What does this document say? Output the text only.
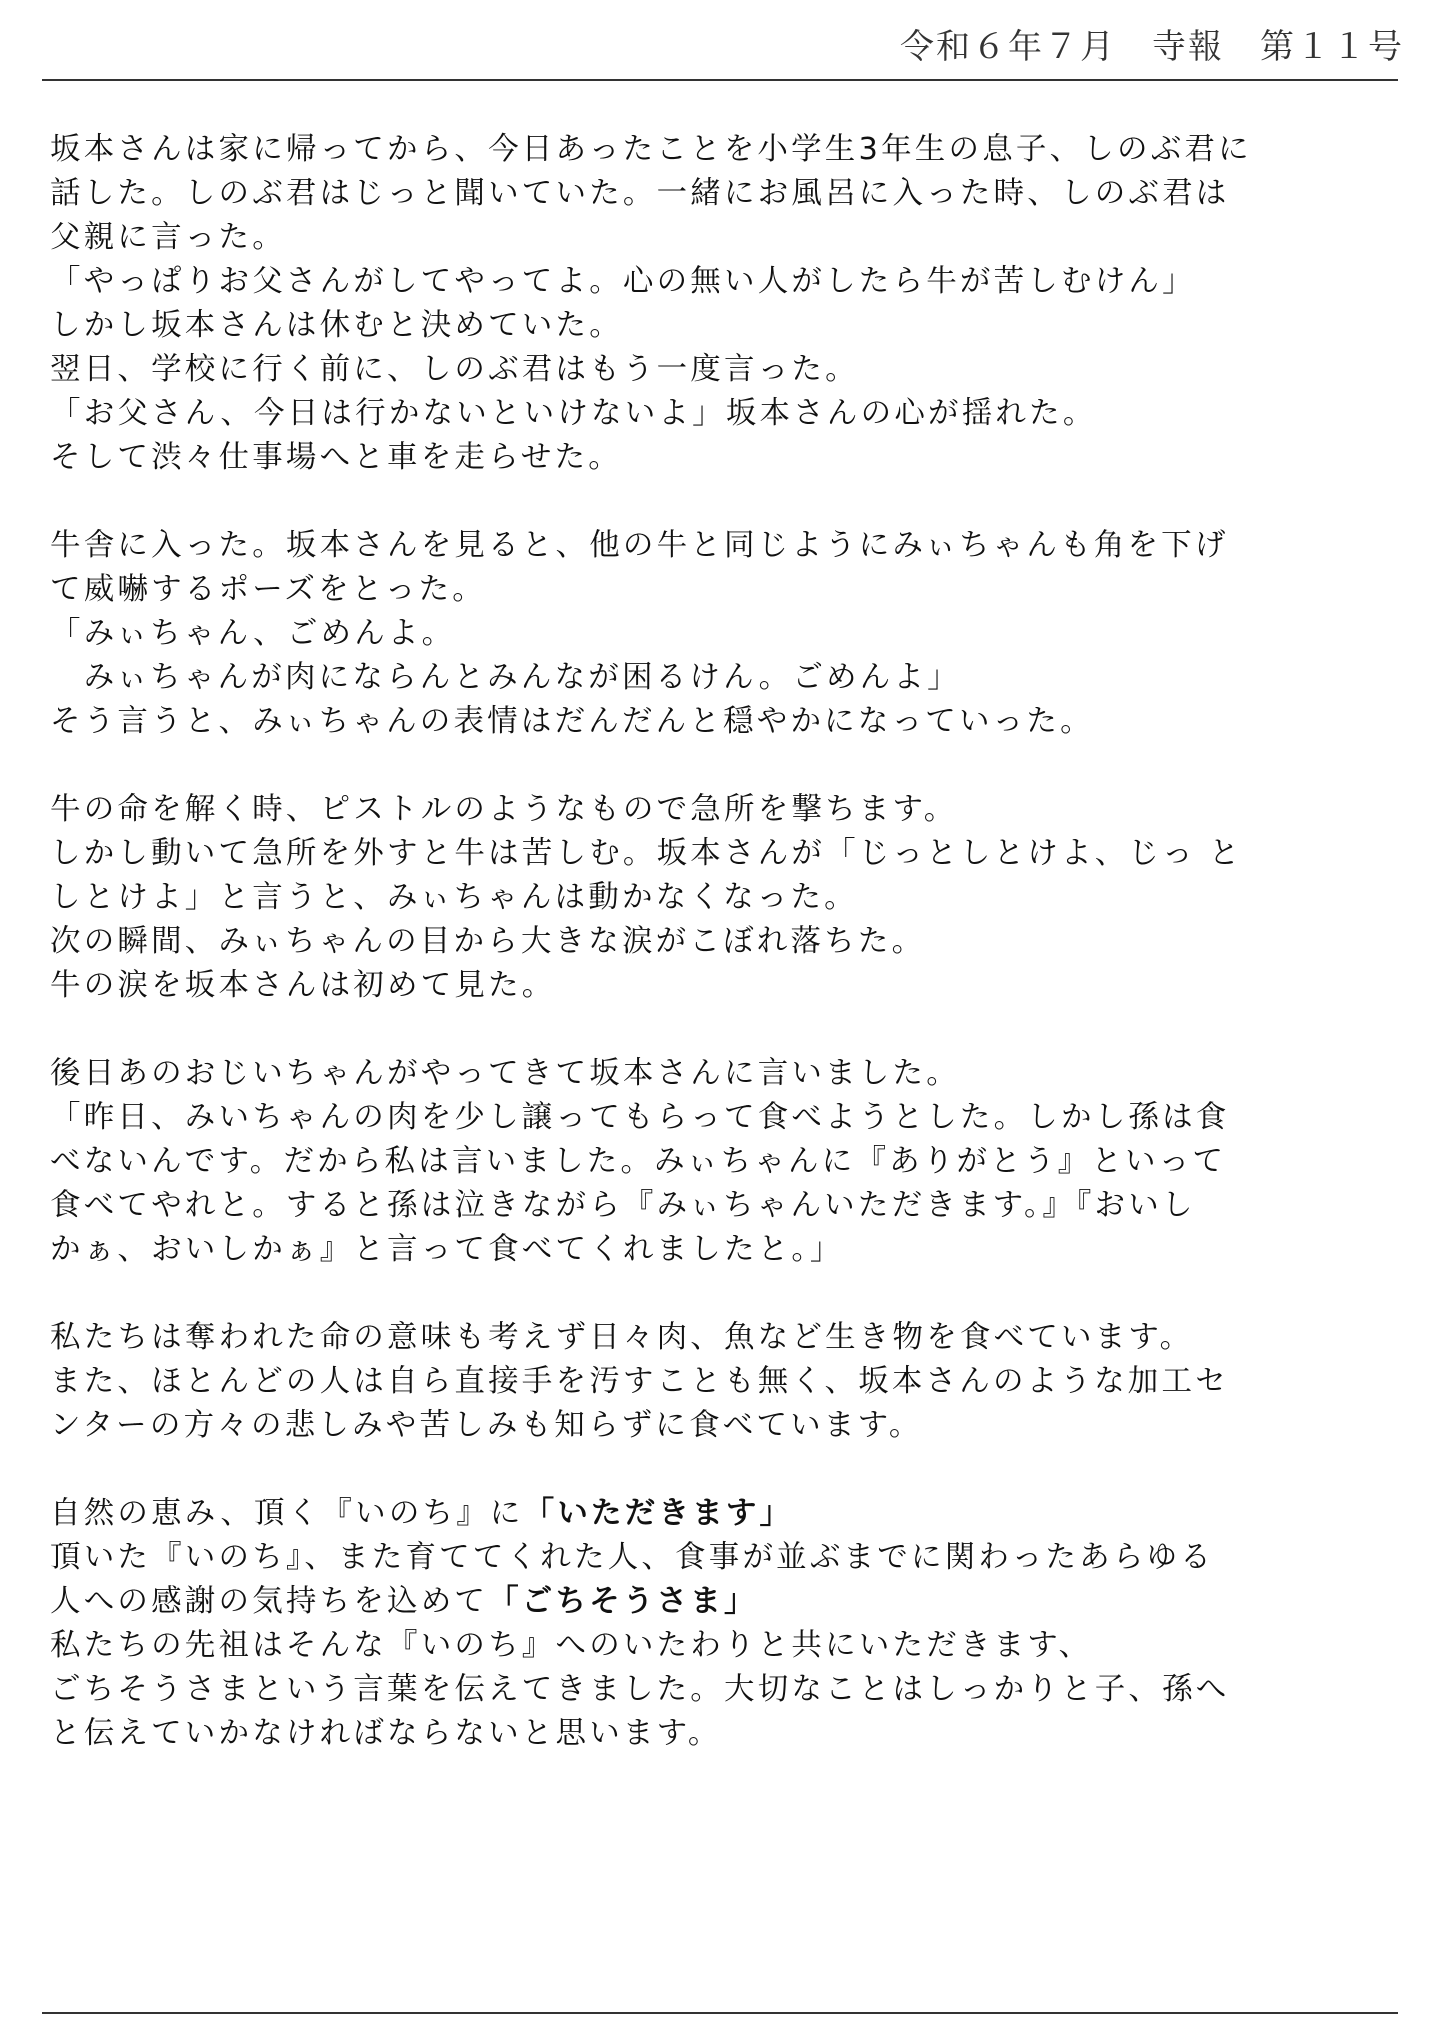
令和６年７月　寺報　第１１号
坂本さんは家に帰ってから、今日あったことを小学生3年生の息子、しのぶ君に
話した。しのぶ君はじっと聞いていた。一緒にお風呂に入った時、しのぶ君は
父親に言った。
「やっぱりお父さんがしてやってよ。心の無い人がしたら牛が苦しむけん」
しかし坂本さんは休むと決めていた。
翌日、学校に行く前に、しのぶ君はもう一度言った。
「お父さん、今日は行かないといけないよ」坂本さんの心が揺れた。
そして渋々仕事場へと車を走らせた。
牛舎に入った。坂本さんを見ると、他の牛と同じようにみぃちゃんも角を下げ
て威嚇するポーズをとった。
「みぃちゃん、ごめんよ。
　みぃちゃんが肉にならんとみんなが困るけん。ごめんよ」
そう言うと、みぃちゃんの表情はだんだんと穏やかになっていった。
牛の命を解く時、ピストルのようなもので急所を撃ちます。
しかし動いて急所を外すと牛は苦しむ。坂本さんが「じっとしとけよ、じっ と
しとけよ」と言うと、みぃちゃんは動かなくなった。
次の瞬間、みぃちゃんの目から大きな涙がこぼれ落ちた。
牛の涙を坂本さんは初めて見た。
後日あのおじいちゃんがやってきて坂本さんに言いました。
「昨日、みいちゃんの肉を少し譲ってもらって食べようとした。しかし孫は食
べないんです。だから私は言いました。みぃちゃんに『ありがとう』といって
食べてやれと。すると孫は泣きながら『みぃちゃんいただきます。』『おいし
かぁ、おいしかぁ』と言って食べてくれましたと。」
私たちは奪われた命の意味も考えず日々肉、魚など生き物を食べています。
また、ほとんどの人は自ら直接手を汚すことも無く、坂本さんのような加工セ
ンターの方々の悲しみや苦しみも知らずに食べています。
自然の恵み、頂く『いのち』に「いただきます」
頂いた『いのち』、また育ててくれた人、食事が並ぶまでに関わったあらゆる
人への感謝の気持ちを込めて「ごちそうさま」
私たちの先祖はそんな『いのち』へのいたわりと共にいただきます、
ごちそうさまという言葉を伝えてきました。大切なことはしっかりと子、孫へ
と伝えていかなければならないと思います。
